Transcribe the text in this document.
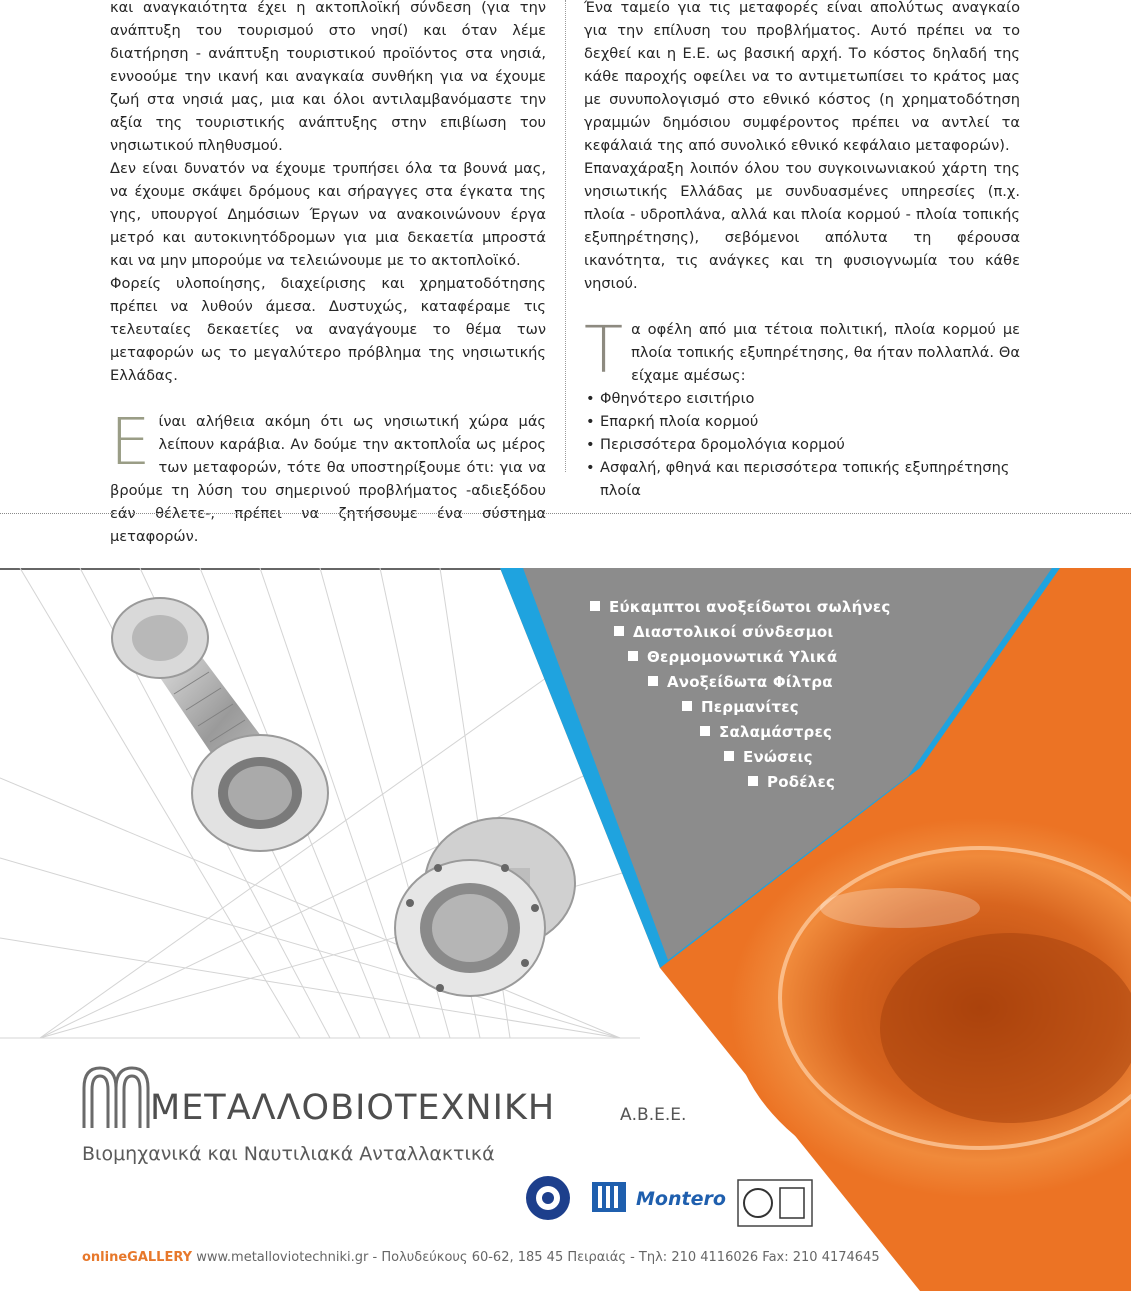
και αναγκαιότητα έχει η ακτοπλοϊκή σύνδεση (για την ανάπτυξη του τουρισμού στο νησί) και όταν λέμε διατήρηση - ανάπτυξη τουριστικού προϊόντος στα νησιά, εννοούμε την ικανή και αναγκαία συνθήκη για να έχουμε ζωή στα νησιά μας, μια και όλοι αντιλαμβανόμαστε την αξία της τουριστικής ανάπτυξης στην επιβίωση του νησιωτικού πληθυσμού.

Δεν είναι δυνατόν να έχουμε τρυπήσει όλα τα βουνά μας, να έχουμε σκάψει δρόμους και σήραγγες στα έγκατα της γης, υπουργοί Δημόσιων Έργων να ανακοινώνουν έργα μετρό και αυτοκινητόδρομων για μια δεκαετία μπροστά και να μην μπορούμε να τελειώνουμε με το ακτοπλοϊκό.

Φορείς υλοποίησης, διαχείρισης και χρηματοδότησης πρέπει να λυθούν άμεσα. Δυστυχώς, καταφέραμε τις τελευταίες δεκαετίες να αναγάγουμε το θέμα των μεταφορών ως το μεγαλύτερο πρόβλημα της νησιωτικής Ελλάδας.

Είναι αλήθεια ακόμη ότι ως νησιωτική χώρα μάς λείπουν καράβια. Αν δούμε την ακτοπλοΐα ως μέρος των μεταφορών, τότε θα υποστηρίξουμε ότι: για να βρούμε τη λύση του σημερινού προβλήματος -αδιεξόδου εάν θέλετε-, πρέπει να ζητήσουμε ένα σύστημα μεταφορών.

Ένα ταμείο για τις μεταφορές είναι απολύτως αναγκαίο για την επίλυση του προβλήματος. Αυτό πρέπει να το δεχθεί και η Ε.Ε. ως βασική αρχή. Το κόστος δηλαδή της κάθε παροχής οφείλει να το αντιμετωπίσει το κράτος μας με συνυπολογισμό στο εθνικό κόστος (η χρηματοδότηση γραμμών δημόσιου συμφέροντος πρέπει να αντλεί τα κεφάλαιά της από συνολικό εθνικό κεφάλαιο μεταφορών).

Επαναχάραξη λοιπόν όλου του συγκοινωνιακού χάρτη της νησιωτικής Ελλάδας με συνδυασμένες υπηρεσίες (π.χ. πλοία - υδροπλάνα, αλλά και πλοία κορμού - πλοία τοπικής εξυπηρέτησης), σεβόμενοι απόλυτα τη φέρουσα ικανότητα, τις ανάγκες και τη φυσιογνωμία του κάθε νησιού.

Τα οφέλη από μια τέτοια πολιτική, πλοία κορμού με πλοία τοπικής εξυπηρέτησης, θα ήταν πολλαπλά. Θα είχαμε αμέσως:

• Φθηνότερο εισιτήριο
• Επαρκή πλοία κορμού
• Περισσότερα δρομολόγια κορμού
• Ασφαλή, φθηνά και περισσότερα τοπικής εξυπηρέτησης πλοία
Εύκαμπτοι ανοξείδωτοι σωλήνες
Διαστολικοί σύνδεσμοι
Θερμομονωτικά Υλικά
Ανοξείδωτα Φίλτρα
Περμανίτες
Σαλαμάστρες
Ενώσεις
Ροδέλες
ΜΕΤΑΛΛΟΒΙΟΤΕΧΝΙΚΗ	Α.Β.Ε.Ε.
Βιομηχανικά και Ναυτιλιακά Ανταλλακτικά
Montero
onlineGALLERY www.metalloviotechniki.gr - Πολυδεύκους 60-62, 185 45 Πειραιάς - Τηλ: 210 4116026 Fax: 210 4174645
